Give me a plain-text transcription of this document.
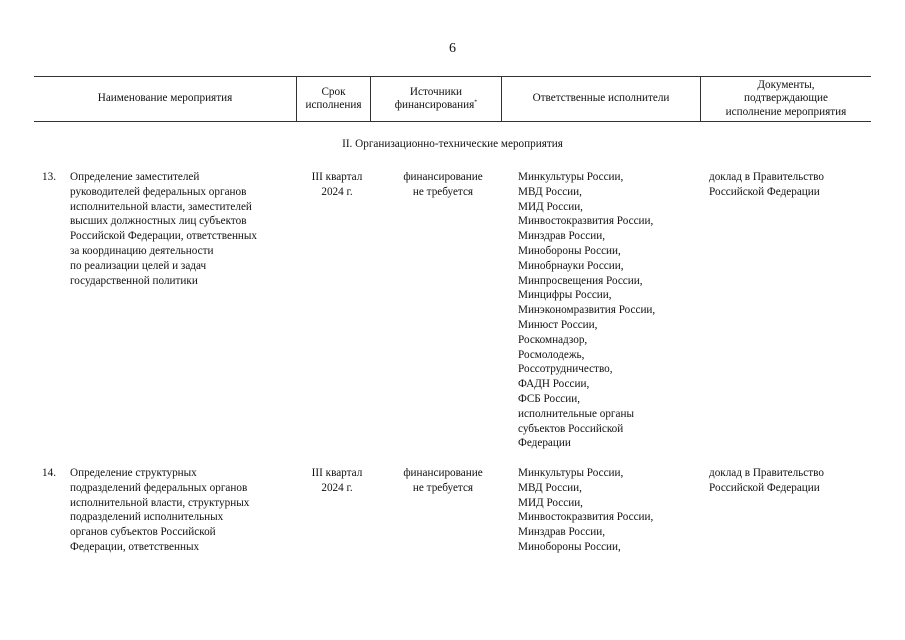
6
Наименование мероприятия
Срок
исполнения
Источники
финансирования*	Ответственные исполнители
Документы,
подтверждающие
исполнение мероприятия
II. Организационно-технические мероприятия
13. Определение заместителей
руководителей федеральных органов
исполнительной власти, заместителей
высших должностных лиц субъектов
Российской Федерации, ответственных
за координацию деятельности
по реализации целей и задач
государственной политики
III квартал
2024 г.
финансирование
не требуется
Минкультуры России,
МВД России,
МИД России,
Минвостокразвития России,
Минздрав России,
Минобороны России,
Минобрнауки России,
Минпросвещения России,
Минцифры России,
Минэкономразвития России,
Минюст России,
Роскомнадзор,
Росмолодежь,
Россотрудничество,
ФАДН России,
ФСБ России,
исполнительные органы
субъектов Российской
Федерации
доклад в Правительство
Российской Федерации
14. Определение структурных
подразделений федеральных органов
исполнительной власти, структурных
подразделений исполнительных
органов субъектов Российской
Федерации, ответственных
III квартал
2024 г.
финансирование
не требуется
Минкультуры России,
МВД России,
МИД России,
Минвостокразвития России,
Минздрав России,
Минобороны России,
доклад в Правительство
Российской Федерации
